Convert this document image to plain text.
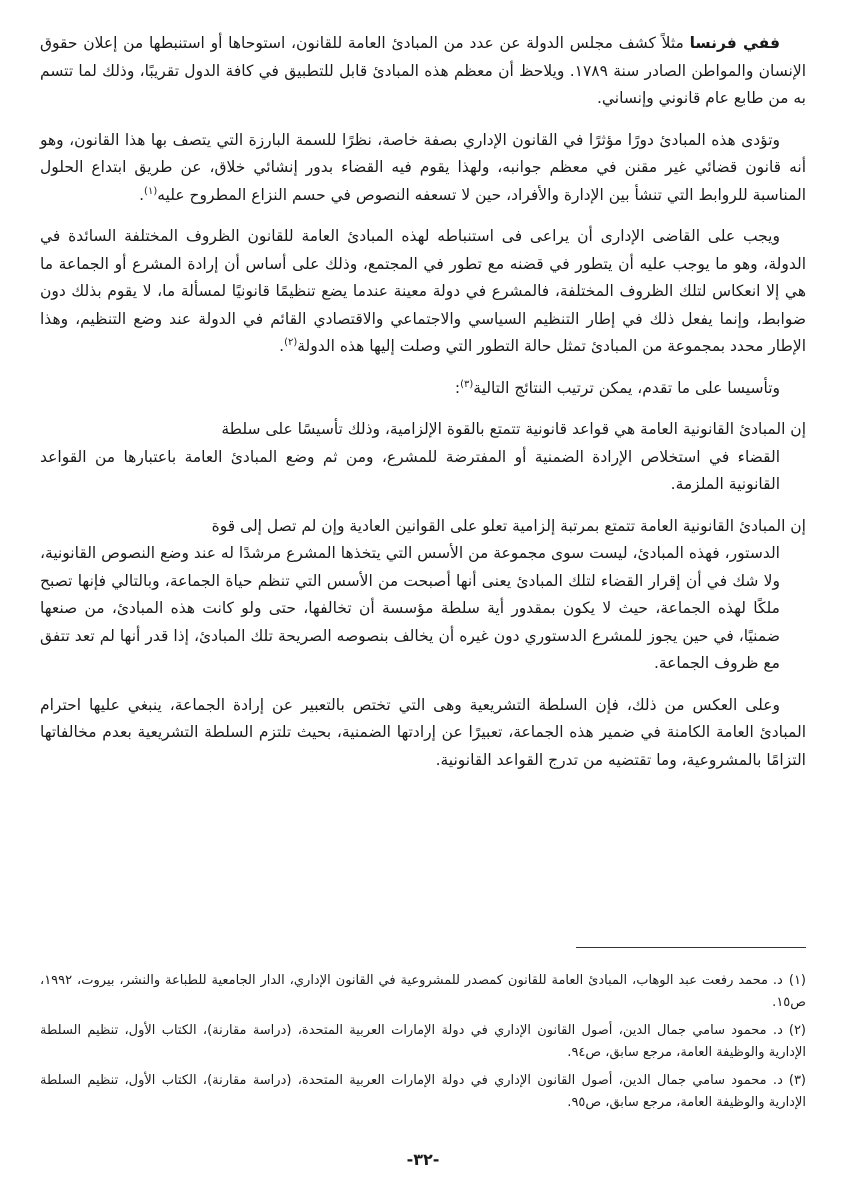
ففي فرنسا مثلاً كشف مجلس الدولة عن عدد من المبادئ العامة للقانون، استوحاها أو استنبطها من إعلان حقوق الإنسان والمواطن الصادر سنة ١٧٨٩. ويلاحظ أن معظم هذه المبادئ قابل للتطبيق في كافة الدول تقريبًا، وذلك لما تتسم به من طابع عام قانوني وإنساني.

وتؤدى هذه المبادئ دورًا مؤثرًا في القانون الإداري بصفة خاصة، نظرًا للسمة البارزة التي يتصف بها هذا القانون، وهو أنه قانون قضائي غير مقنن في معظم جوانبه، ولهذا يقوم فيه القضاء بدور إنشائي خلاق، عن طريق ابتداع الحلول المناسبة للروابط التي تنشأ بين الإدارة والأفراد، حين لا تسعفه النصوص في حسم النزاع المطروح عليه$^{(١)}$.

ويجب على القاضى الإدارى أن يراعى فى استنباطه لهذه المبادئ العامة للقانون الظروف المختلفة السائدة في الدولة، وهو ما يوجب عليه أن يتطور في قضنه مع تطور في المجتمع، وذلك على أساس أن إرادة المشرع أو الجماعة ما هي إلا انعكاس لتلك الظروف المختلفة، فالمشرع في دولة معينة عندما يضع تنظيمًا قانونيًا لمسألة ما، لا يقوم بذلك دون ضوابط، وإنما يفعل ذلك في إطار التنظيم السياسي والاجتماعي والاقتصادي القائم في الدولة عند وضع التنظيم، وهذا الإطار محدد بمجموعة من المبادئ تمثل حالة التطور التي وصلت إليها هذه الدولة$^{(٢)}$.

وتأسيسا على ما تقدم، يمكن ترتيب النتائج التالية$^{(٣)}$:

إن المبادئ القانونية العامة هي قواعد قانونية تتمتع بالقوة الإلزامية، وذلك تأسيسًا على سلطة
القضاء في استخلاص الإرادة الضمنية أو المفترضة للمشرع، ومن ثم وضع المبادئ العامة باعتبارها من القواعد القانونية الملزمة.

إن المبادئ القانونية العامة تتمتع بمرتبة إلزامية تعلو على القوانين العادية وإن لم تصل إلى قوة
الدستور، فهذه المبادئ، ليست سوى مجموعة من الأسس التي يتخذها المشرع مرشدًا له عند وضع النصوص القانونية، ولا شك في أن إقرار القضاء لتلك المبادئ يعنى أنها أصبحت من الأسس التي تنظم حياة الجماعة، وبالتالي فإنها تصبح ملكًا لهذه الجماعة، حيث لا يكون بمقدور أية سلطة مؤسسة أن تخالفها، حتى ولو كانت هذه المبادئ، من صنعها ضمنيًا، في حين يجوز للمشرع الدستوري دون غيره أن يخالف بنصوصه الصريحة تلك المبادئ، إذا قدر أنها لم تعد تتفق مع ظروف الجماعة.

وعلى العكس من ذلك، فإن السلطة التشريعية وهى التي تختص بالتعبير عن إرادة الجماعة، ينبغي عليها احترام المبادئ العامة الكامنة في ضمير هذه الجماعة، تعبيرًا عن إرادتها الضمنية، بحيث تلتزم السلطة التشريعية بعدم مخالفاتها التزامًا بالمشروعية، وما تقتضيه من تدرج القواعد القانونية.

(١)د. محمد رفعت عبد الوهاب، المبادئ العامة للقانون كمصدر للمشروعية في القانون الإداري، الدار الجامعية للطباعة والنشر، بيروت، ١٩٩٢، ص١٥.

(٢)د. محمود سامي جمال الدين، أصول القانون الإداري في دولة الإمارات العربية المتحدة، (دراسة مقارنة)، الكتاب الأول، تنظيم السلطة الإدارية والوظيفة العامة، مرجع سابق، ص٩٤.

(٣)د. محمود سامي جمال الدين، أصول القانون الإداري في دولة الإمارات العربية المتحدة، (دراسة مقارنة)، الكتاب الأول، تنظيم السلطة الإدارية والوظيفة العامة، مرجع سابق، ص٩٥.

-٣٢-
